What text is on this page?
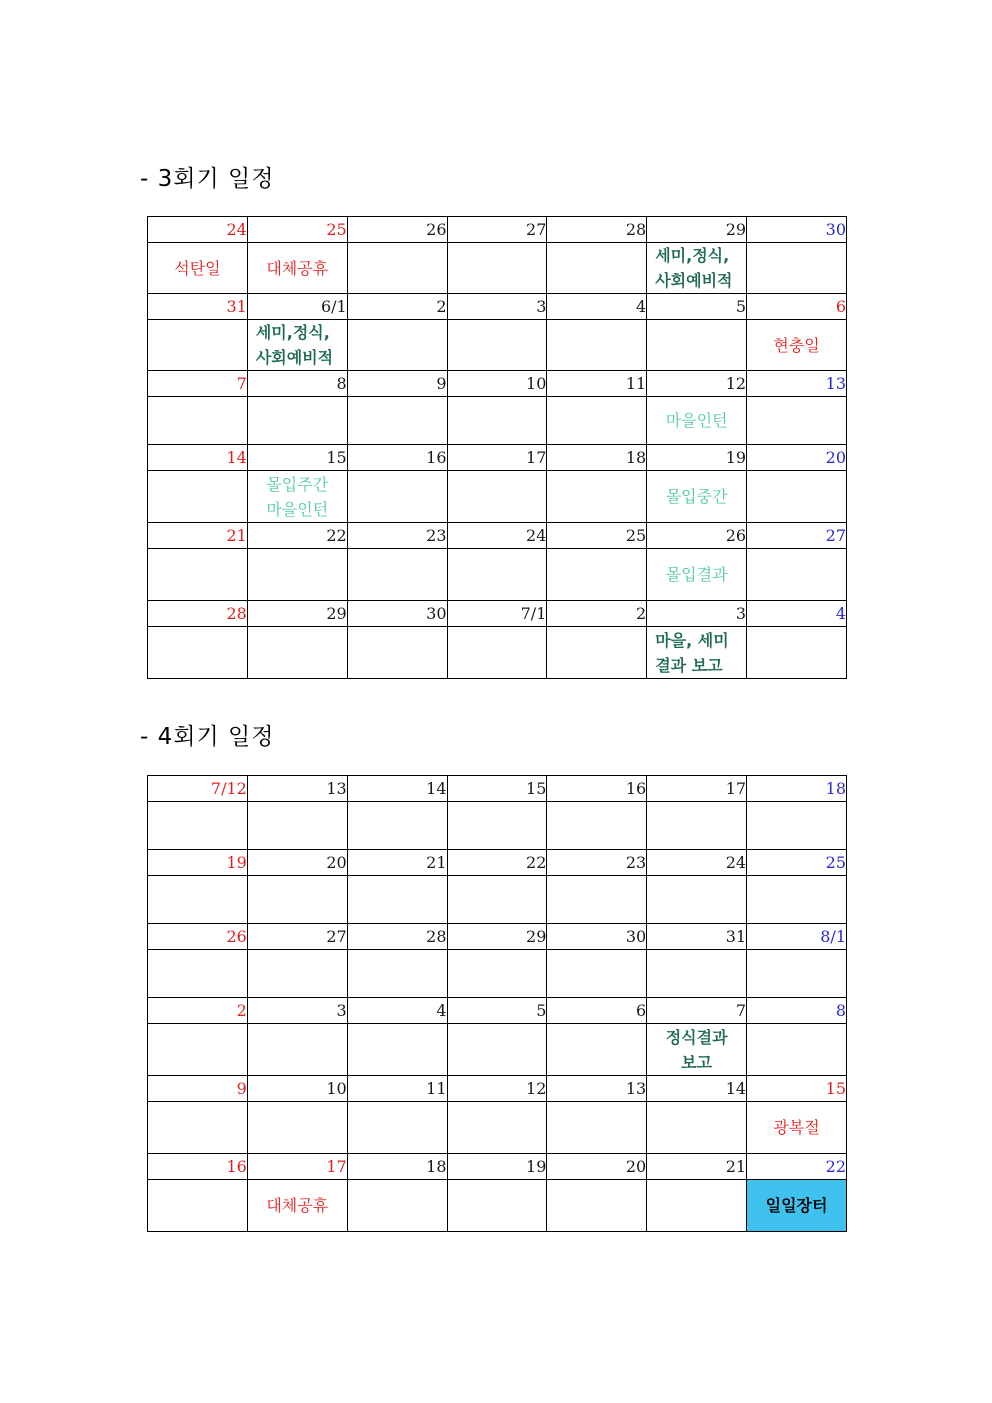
- 3회기 일정
24	25	26	27	28	29	30

석탄일	대체공휴				세미,정식,
사회예비적	

31	6/1	2	3	4	5	6

	세미,정식,
사회예비적					현충일

7	8	9	10	11	12	13

					마을인턴	

14	15	16	17	18	19	20

	몰입주간
마을인턴				몰입중간	

21	22	23	24	25	26	27

					몰입결과	

28	29	30	7/1	2	3	4

					마을, 세미
결과 보고	

- 4회기 일정
7/12	13	14	15	16	17	18

19	20	21	22	23	24	25

26	27	28	29	30	31	8/1

2	3	4	5	6	7	8

					정식결과
보고	

9	10	11	12	13	14	15

						광복절

16	17	18	19	20	21	22

	대체공휴					일일장터
